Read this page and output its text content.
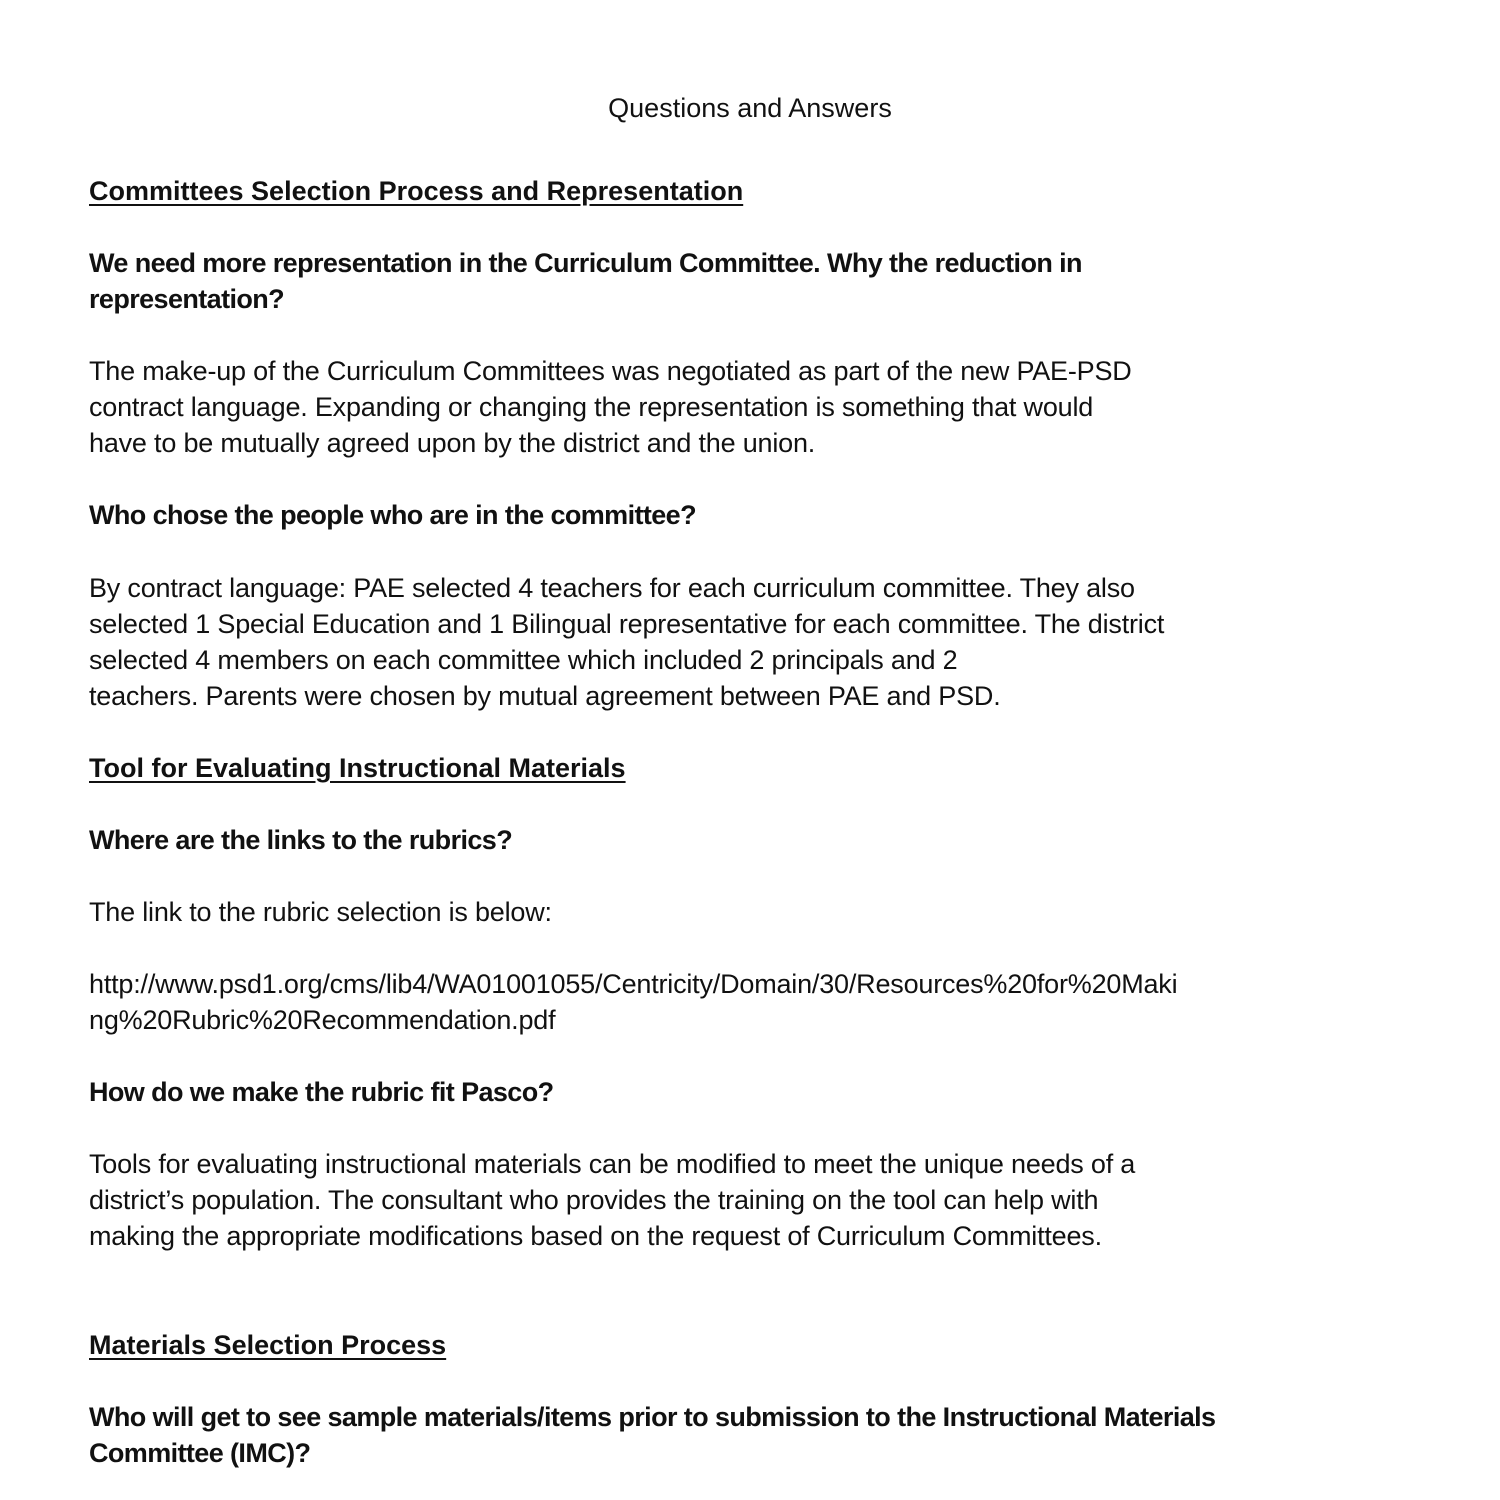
Questions and Answers
Committees Selection Process and Representation
We need more representation in the Curriculum Committee. Why the reduction in
representation?
The make-up of the Curriculum Committees was negotiated as part of the new PAE-PSD
contract language. Expanding or changing the representation is something that would
have to be mutually agreed upon by the district and the union.
Who chose the people who are in the committee?
By contract language: PAE selected 4 teachers for each curriculum committee. They also
selected 1 Special Education and 1 Bilingual representative for each committee. The district
selected 4 members on each committee which included 2 principals and 2
teachers. Parents were chosen by mutual agreement between PAE and PSD.
Tool for Evaluating Instructional Materials
Where are the links to the rubrics?
The link to the rubric selection is below:
http://www.psd1.org/cms/lib4/WA01001055/Centricity/Domain/30/Resources%20for%20Maki
ng%20Rubric%20Recommendation.pdf
How do we make the rubric fit Pasco?
Tools for evaluating instructional materials can be modified to meet the unique needs of a
district’s population. The consultant who provides the training on the tool can help with
making the appropriate modifications based on the request of Curriculum Committees.
Materials Selection Process
Who will get to see sample materials/items prior to submission to the Instructional Materials
Committee (IMC)?
